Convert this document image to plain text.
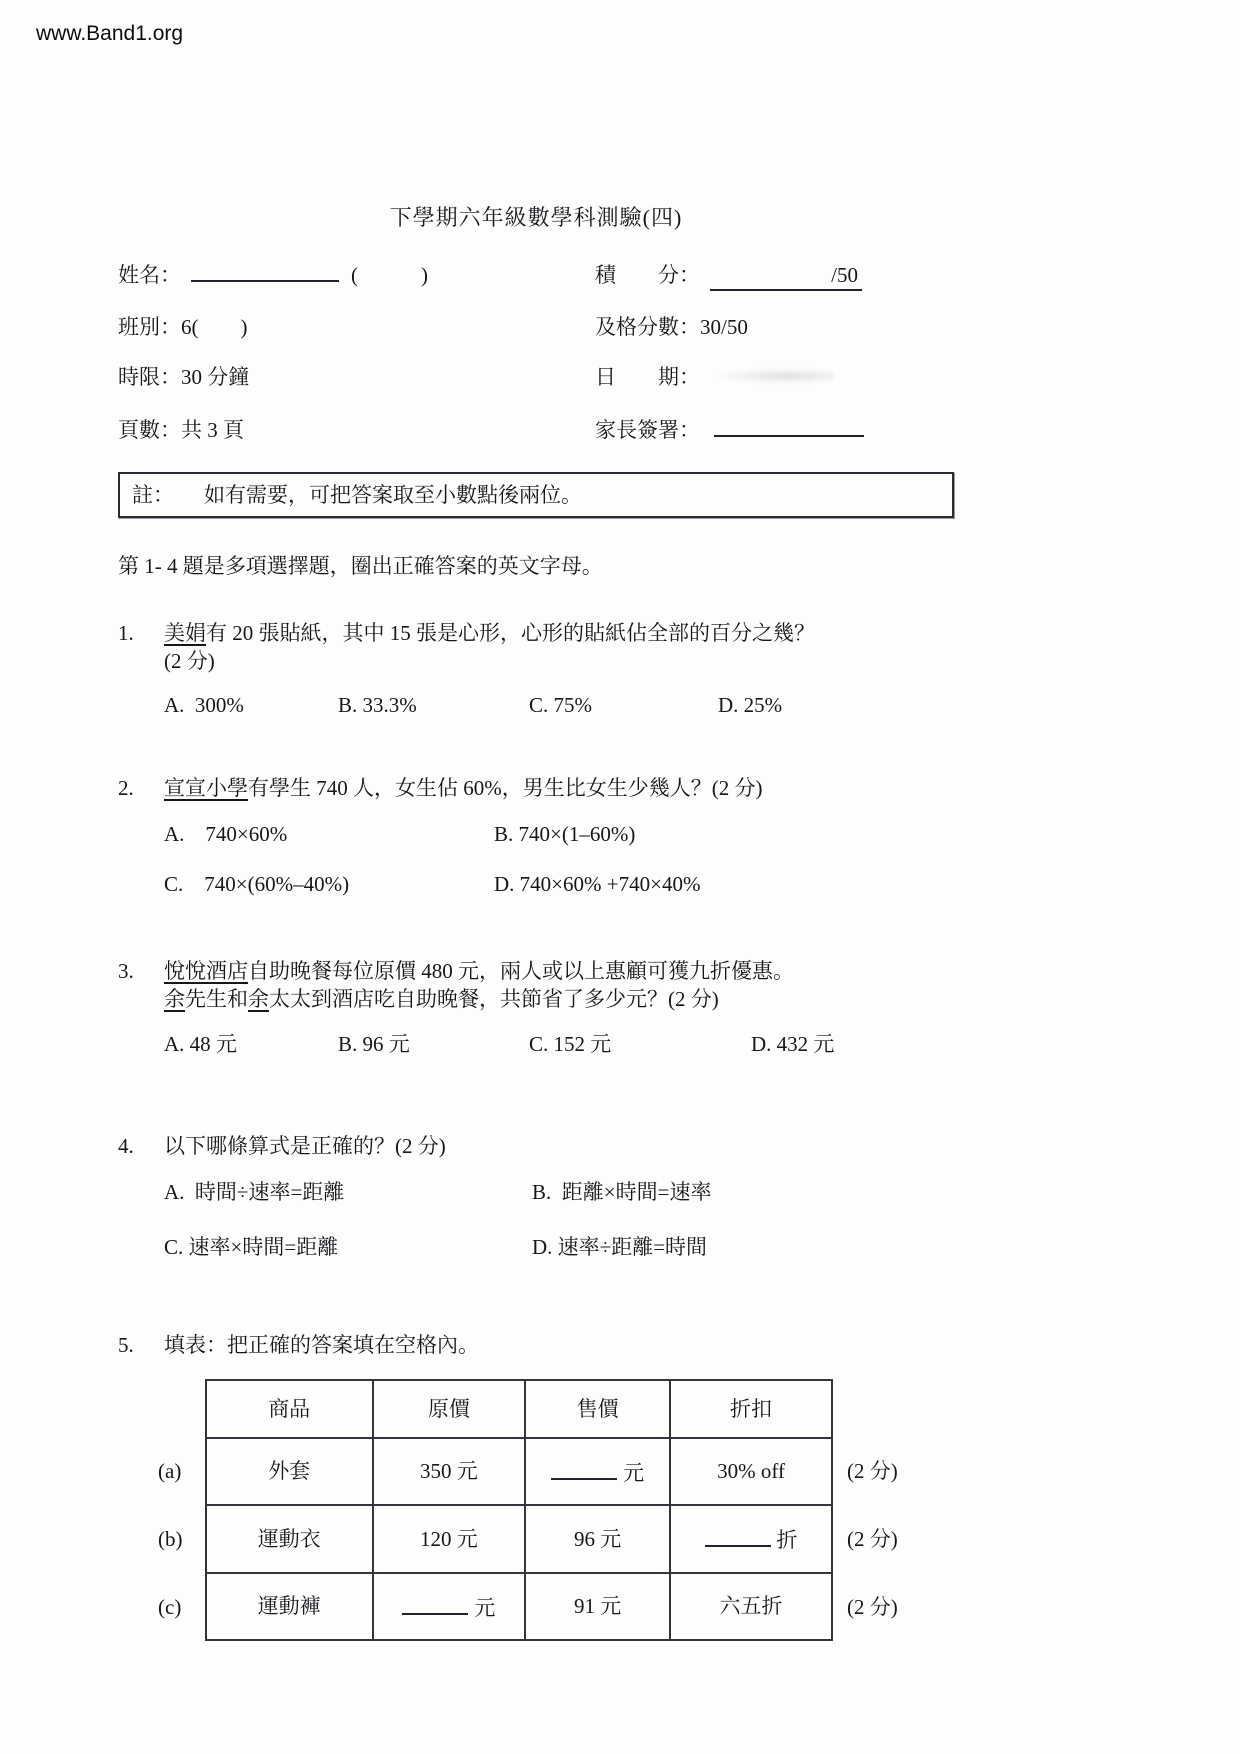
www.Band1.org
下學期六年級數學科測驗(四)
姓名：	(　　　)	積　　分：	/50
班別： 6(　　)	及格分數： 30/50
時限： 30 分鐘	日　　期：
頁數： 共 3 頁	家長簽署：
註： 如有需要，可把答案取至小數點後兩位。
第 1- 4 題是多項選擇題，圈出正確答案的英文字母。
1.	美娟有 20 張貼紙，其中 15 張是心形，心形的貼紙佔全部的百分之幾？
(2 分)
A.  300%	B. 33.3%	C. 75%	D. 25%
2.	宣宣小學有學生 740 人，女生佔 60%，男生比女生少幾人？(2 分)
A.    740×60%	B. 740×(1–60%)
C.    740×(60%–40%)	D. 740×60% +740×40%
3.	悅悅酒店自助晚餐每位原價 480 元，兩人或以上惠顧可獲九折優惠。
余先生和余太太到酒店吃自助晚餐，共節省了多少元？(2 分)
A. 48 元	B. 96 元	C. 152 元	D. 432 元
4.	以下哪條算式是正確的？(2 分)
A.  時間÷速率=距離	B.  距離×時間=速率
C. 速率×時間=距離	D. 速率÷距離=時間
5.	填表：把正確的答案填在空格內。
(a)
(b)
(c)
商品	原價	售價	折扣
外套	350 元	元	30% off
運動衣	120 元	96 元	折
運動褲	元	91 元	六五折
(2 分)
(2 分)
(2 分)
